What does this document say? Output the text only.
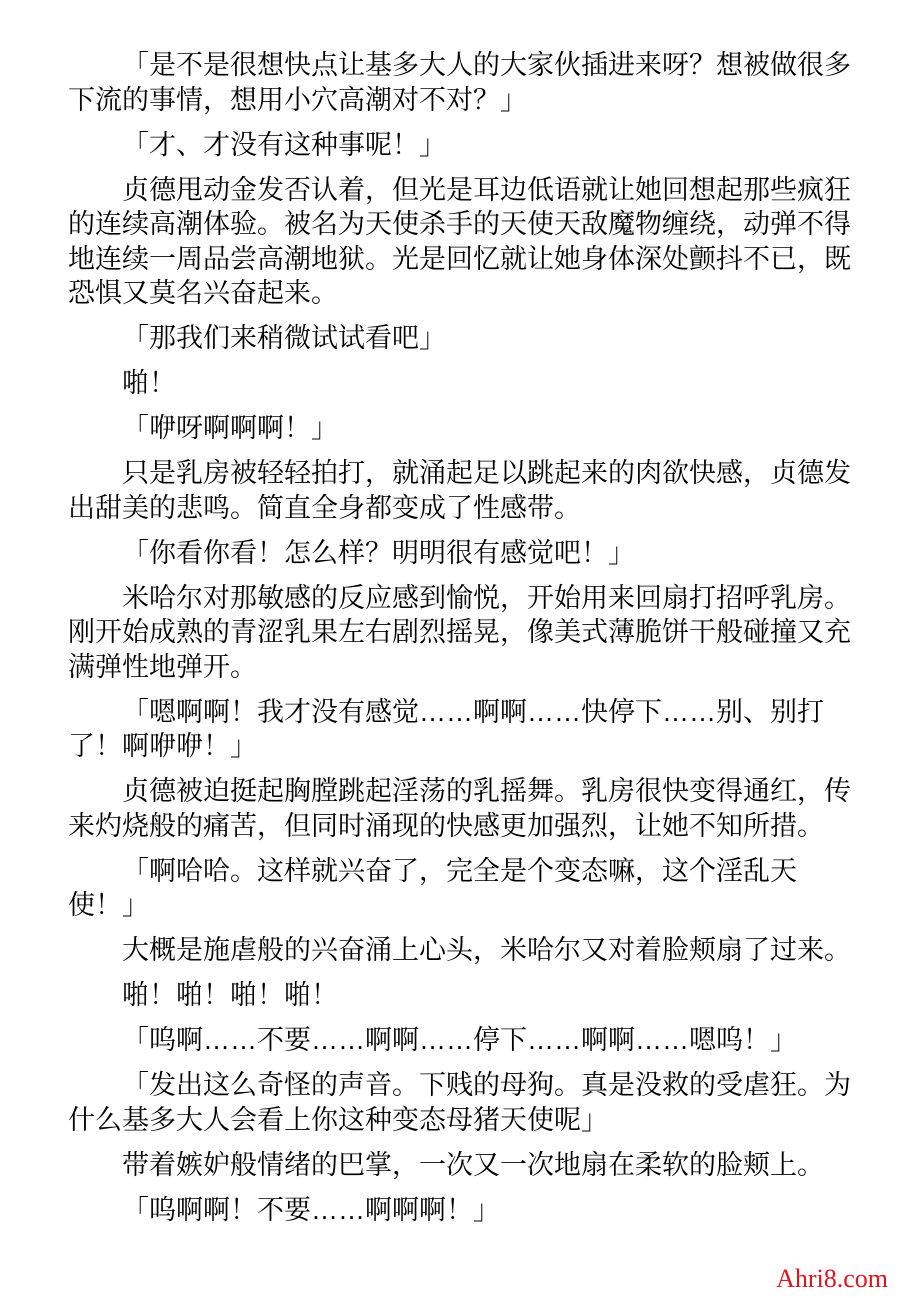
「是不是很想快点让基多大人的大家伙插进来呀？想被做很多下流的事情，想用小穴高潮对不对？」

「才、才没有这种事呢！」

贞德甩动金发否认着，但光是耳边低语就让她回想起那些疯狂的连续高潮体验。被名为天使杀手的天使天敌魔物缠绕，动弹不得地连续一周品尝高潮地狱。光是回忆就让她身体深处颤抖不已，既恐惧又莫名兴奋起来。

「那我们来稍微试试看吧」

啪！

「咿呀啊啊啊！」

只是乳房被轻轻拍打，就涌起足以跳起来的肉欲快感，贞德发出甜美的悲鸣。简直全身都变成了性感带。

「你看你看！怎么样？明明很有感觉吧！」

米哈尔对那敏感的反应感到愉悦，开始用来回扇打招呼乳房。刚开始成熟的青涩乳果左右剧烈摇晃，像美式薄脆饼干般碰撞又充满弹性地弹开。

「嗯啊啊！我才没有感觉……啊啊……快停下……别、别打了！啊咿咿！」

贞德被迫挺起胸膛跳起淫荡的乳摇舞。乳房很快变得通红，传来灼烧般的痛苦，但同时涌现的快感更加强烈，让她不知所措。

「啊哈哈。这样就兴奋了，完全是个变态嘛，这个淫乱天使！」

大概是施虐般的兴奋涌上心头，米哈尔又对着脸颊扇了过来。

啪！啪！啪！啪！

「呜啊……不要……啊啊……停下……啊啊……嗯呜！」

「发出这么奇怪的声音。下贱的母狗。真是没救的受虐狂。为什么基多大人会看上你这种变态母猪天使呢」

带着嫉妒般情绪的巴掌，一次又一次地扇在柔软的脸颊上。

「呜啊啊！不要……啊啊啊！」

Ahri8.com
